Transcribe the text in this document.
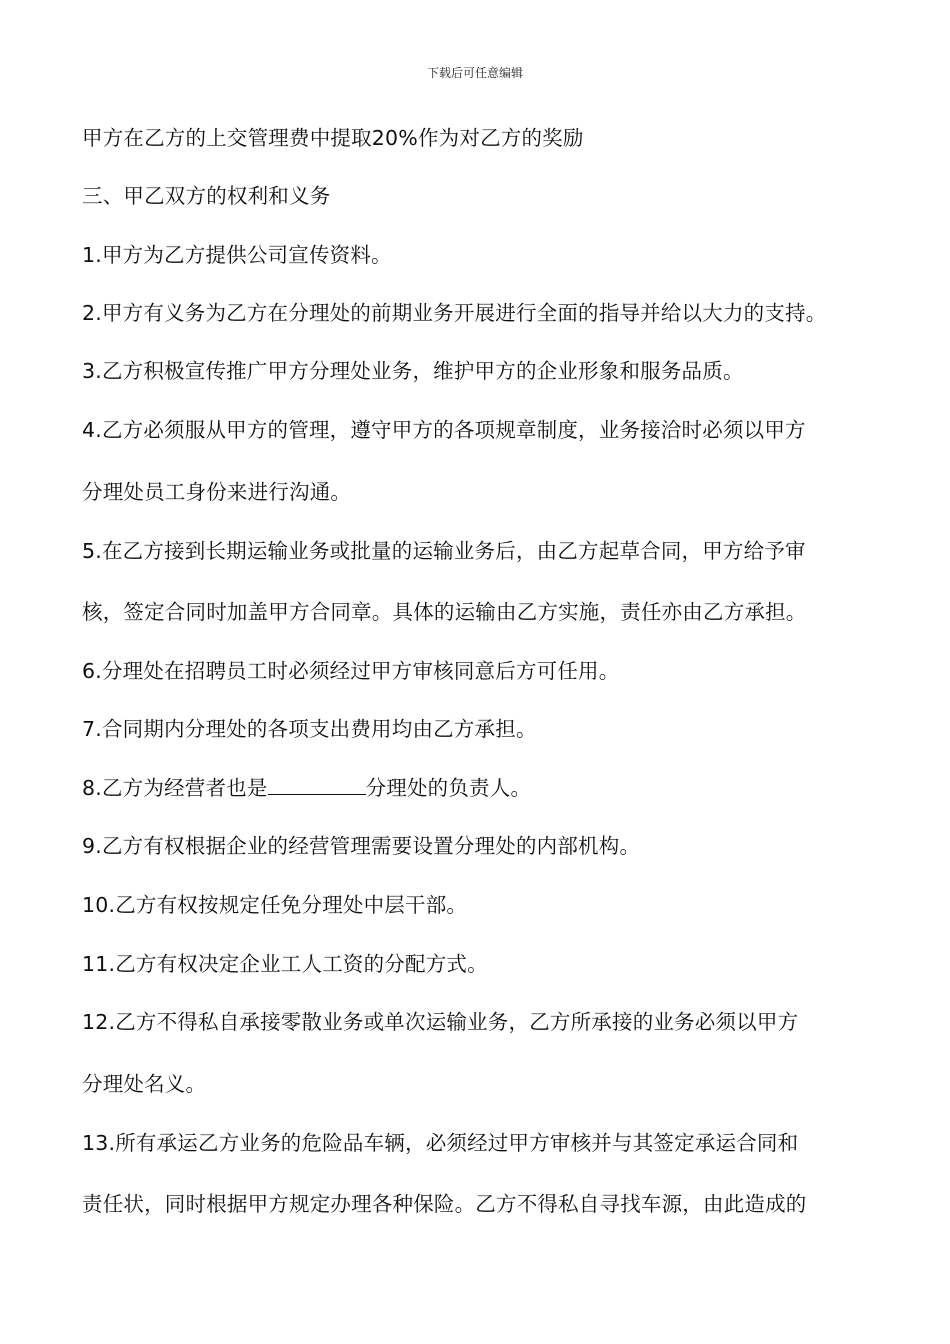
下载后可任意编辑
甲方在乙方的上交管理费中提取20%作为对乙方的奖励
三、甲乙双方的权利和义务
1.甲方为乙方提供公司宣传资料。
2.甲方有义务为乙方在分理处的前期业务开展进行全面的指导并给以大力的支持。
3.乙方积极宣传推广甲方分理处业务，维护甲方的企业形象和服务品质。
4.乙方必须服从甲方的管理，遵守甲方的各项规章制度，业务接洽时必须以甲方
分理处员工身份来进行沟通。
5.在乙方接到长期运输业务或批量的运输业务后，由乙方起草合同，甲方给予审
核，签定合同时加盖甲方合同章。具体的运输由乙方实施，责任亦由乙方承担。
6.分理处在招聘员工时必须经过甲方审核同意后方可任用。
7.合同期内分理处的各项支出费用均由乙方承担。
8.乙方为经营者也是	分理处的负责人。
9.乙方有权根据企业的经营管理需要设置分理处的内部机构。
10.乙方有权按规定任免分理处中层干部。
11.乙方有权决定企业工人工资的分配方式。
12.乙方不得私自承接零散业务或单次运输业务，乙方所承接的业务必须以甲方
分理处名义。
13.所有承运乙方业务的危险品车辆，必须经过甲方审核并与其签定承运合同和
责任状，同时根据甲方规定办理各种保险。乙方不得私自寻找车源，由此造成的
